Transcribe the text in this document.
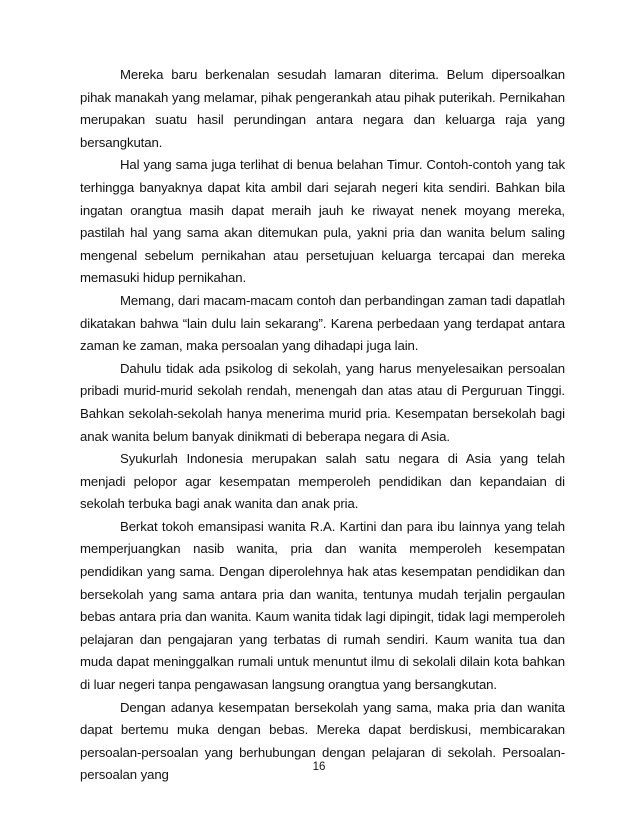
Mereka baru berkenalan sesudah lamaran diterima. Belum dipersoalkan pihak manakah yang melamar, pihak pengerankah atau pihak puterikah. Pernikahan merupakan suatu hasil perundingan antara negara dan keluarga raja yang bersangkutan.

Hal yang sama juga terlihat di benua belahan Timur. Contoh-contoh yang tak terhingga banyaknya dapat kita ambil dari sejarah negeri kita sendiri. Bahkan bila ingatan orangtua masih dapat meraih jauh ke riwayat nenek moyang mereka, pastilah hal yang sama akan ditemukan pula, yakni pria dan wanita belum saling mengenal sebelum pernikahan atau persetujuan keluarga tercapai dan mereka memasuki hidup pernikahan.

Memang, dari macam-macam contoh dan perbandingan zaman tadi dapatlah dikatakan bahwa “lain dulu lain sekarang”. Karena perbedaan yang terdapat antara zaman ke zaman, maka persoalan yang dihadapi juga lain.

Dahulu tidak ada psikolog di sekolah, yang harus menyelesaikan persoalan pribadi murid-murid sekolah rendah, menengah dan atas atau di Perguruan Tinggi. Bahkan sekolah-sekolah hanya menerima murid pria. Kesempatan bersekolah bagi anak wanita belum banyak dinikmati di beberapa negara di Asia.

Syukurlah Indonesia merupakan salah satu negara di Asia yang telah menjadi pelopor agar kesempatan memperoleh pendidikan dan kepandaian di sekolah terbuka bagi anak wanita dan anak pria.

Berkat tokoh emansipasi wanita R.A. Kartini dan para ibu lainnya yang telah memperjuangkan nasib wanita, pria dan wanita memperoleh kesempatan pendidikan yang sama. Dengan diperolehnya hak atas kesempatan pendidikan dan bersekolah yang sama antara pria dan wanita, tentunya mudah terjalin pergaulan bebas antara pria dan wanita. Kaum wanita tidak lagi dipingit, tidak lagi memperoleh pelajaran dan pengajaran yang terbatas di rumah sendiri. Kaum wanita tua dan muda dapat meninggalkan rumali untuk menuntut ilmu di sekolali dilain kota bahkan di luar negeri tanpa pengawasan langsung orangtua yang bersangkutan.

Dengan adanya kesempatan bersekolah yang sama, maka pria dan wanita dapat bertemu muka dengan bebas. Mereka dapat berdiskusi, membicarakan persoalan-persoalan yang berhubungan dengan pelajaran di sekolah. Persoalan-persoalan yang

16
